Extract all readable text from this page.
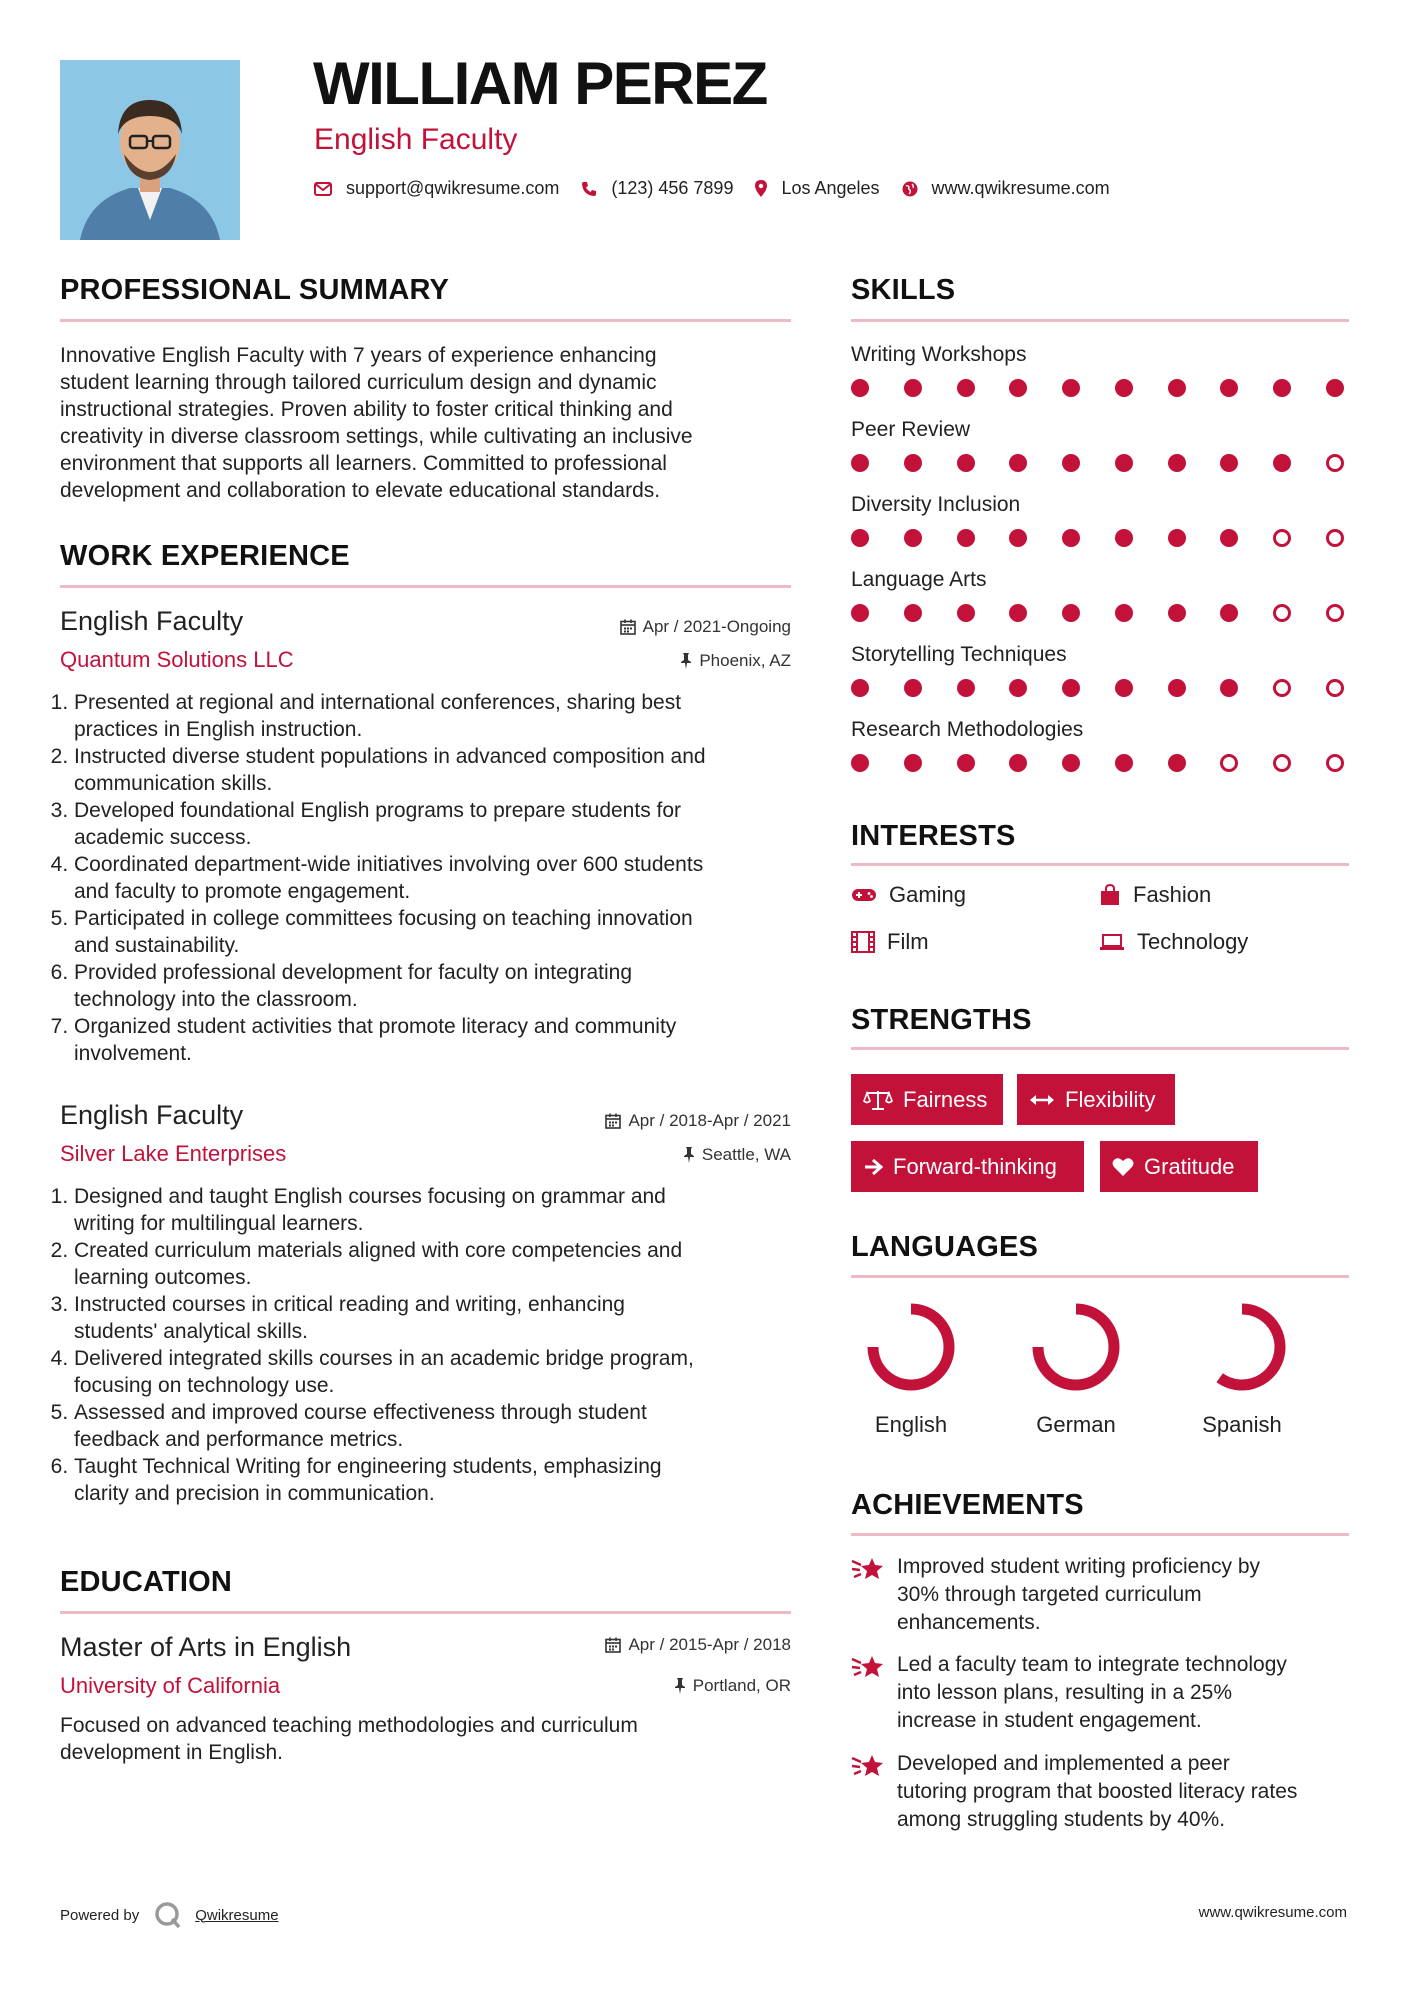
WILLIAM PEREZ
English Faculty
support@qwikresume.com	(123) 456 7899	Los Angeles	www.qwikresume.com
PROFESSIONAL SUMMARY
Innovative English Faculty with 7 years of experience enhancing
student learning through tailored curriculum design and dynamic
instructional strategies. Proven ability to foster critical thinking and
creativity in diverse classroom settings, while cultivating an inclusive
environment that supports all learners. Committed to professional
development and collaboration to elevate educational standards.
WORK EXPERIENCE
English Faculty
Quantum Solutions LLC
Apr / 2021-Ongoing
Phoenix, AZ
1. Presented at regional and international conferences, sharing best
practices in English instruction.
2. Instructed diverse student populations in advanced composition and
communication skills.
3. Developed foundational English programs to prepare students for
academic success.
4. Coordinated department-wide initiatives involving over 600 students
and faculty to promote engagement.
5. Participated in college committees focusing on teaching innovation
and sustainability.
6. Provided professional development for faculty on integrating
technology into the classroom.
7. Organized student activities that promote literacy and community
involvement.
English Faculty
Silver Lake Enterprises
Apr / 2018-Apr / 2021
Seattle, WA
1. Designed and taught English courses focusing on grammar and
writing for multilingual learners.
2. Created curriculum materials aligned with core competencies and
learning outcomes.
3. Instructed courses in critical reading and writing, enhancing
students' analytical skills.
4. Delivered integrated skills courses in an academic bridge program,
focusing on technology use.
5. Assessed and improved course effectiveness through student
feedback and performance metrics.
6. Taught Technical Writing for engineering students, emphasizing
clarity and precision in communication.
EDUCATION
Master of Arts in English
University of California
Apr / 2015-Apr / 2018
Portland, OR
Focused on advanced teaching methodologies and curriculum
development in English.
SKILLS
Writing Workshops
Peer Review
Diversity Inclusion
Language Arts
Storytelling Techniques
Research Methodologies
INTERESTS
Gaming	Fashion
Film	Technology
STRENGTHS
Fairness	Flexibility
Forward-thinking	Gratitude
LANGUAGES
English	German	Spanish
ACHIEVEMENTS
Improved student writing proficiency by
30% through targeted curriculum
enhancements.
Led a faculty team to integrate technology
into lesson plans, resulting in a 25%
increase in student engagement.
Developed and implemented a peer
tutoring program that boosted literacy rates
among struggling students by 40%.
Powered by	Qwikresume	www.qwikresume.com
